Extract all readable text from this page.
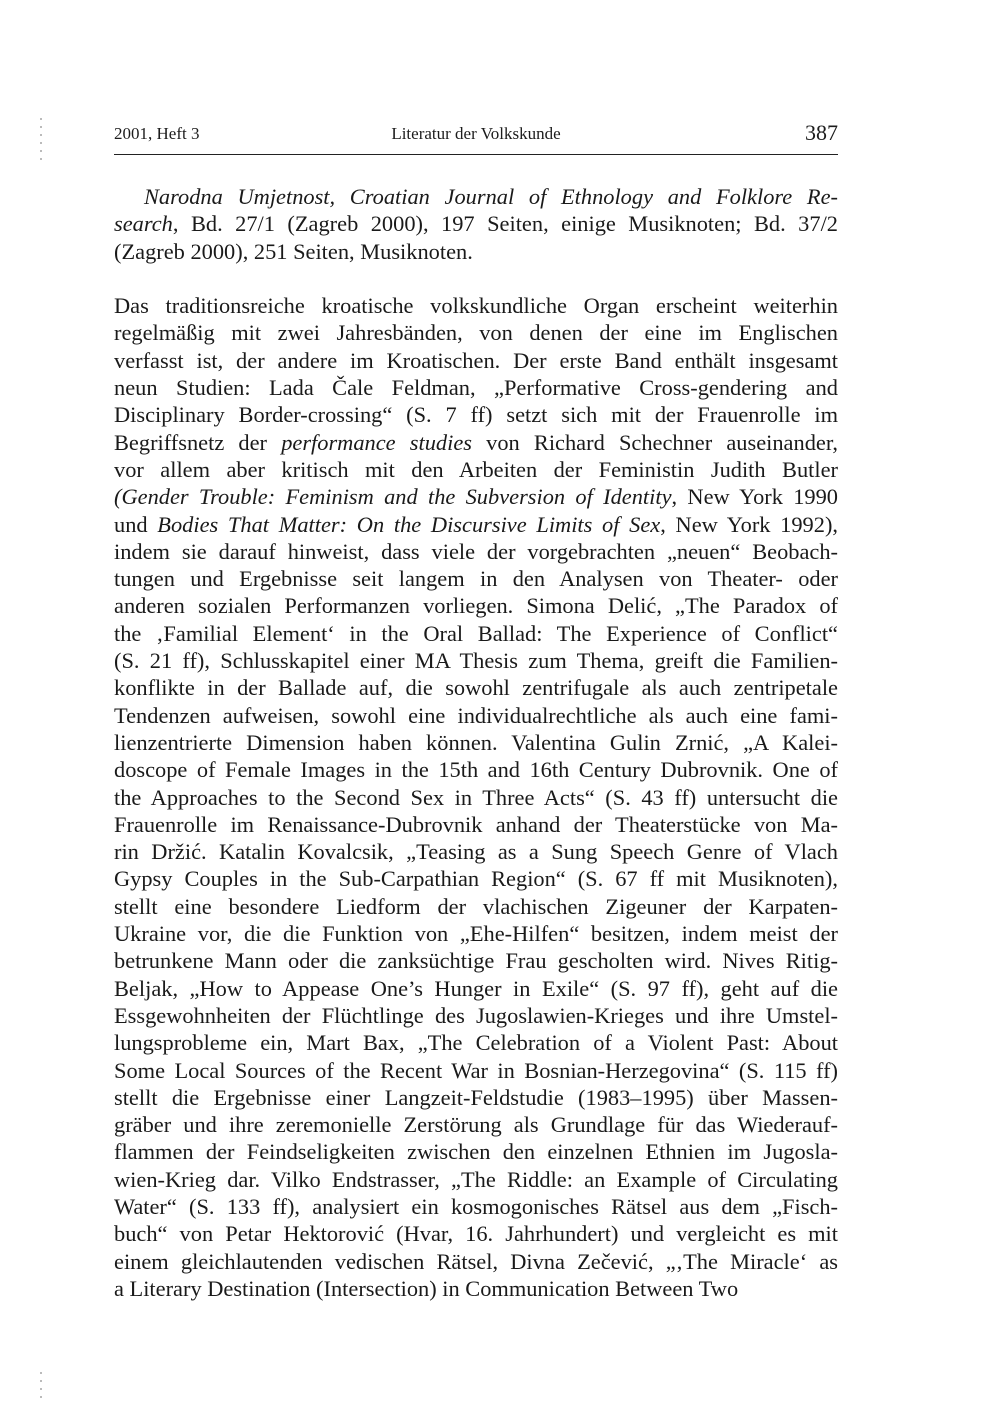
2001, Heft 3	Literatur der Volkskunde	387
Narodna Umjetnost, Croatian Journal of Ethnology and Folklore Re-
search, Bd. 27/1 (Zagreb 2000), 197 Seiten, einige Musiknoten; Bd. 37/2
(Zagreb 2000), 251 Seiten, Musiknoten.
Das traditionsreiche kroatische volkskundliche Organ erscheint weiterhin
regelmäßig mit zwei Jahresbänden, von denen der eine im Englischen
verfasst ist, der andere im Kroatischen. Der erste Band enthält insgesamt
neun Studien: Lada Čale Feldman, „Performative Cross-gendering and
Disciplinary Border-crossing“ (S. 7 ff) setzt sich mit der Frauenrolle im
Begriffsnetz der performance studies von Richard Schechner auseinander,
vor allem aber kritisch mit den Arbeiten der Feministin Judith Butler
(Gender Trouble: Feminism and the Subversion of Identity, New York 1990
und Bodies That Matter: On the Discursive Limits of Sex, New York 1992),
indem sie darauf hinweist, dass viele der vorgebrachten „neuen“ Beobach-
tungen und Ergebnisse seit langem in den Analysen von Theater- oder
anderen sozialen Performanzen vorliegen. Simona Delić, „The Paradox of
the ‚Familial Element‘ in the Oral Ballad: The Experience of Conflict“
(S. 21 ff), Schlusskapitel einer MA Thesis zum Thema, greift die Familien-
konflikte in der Ballade auf, die sowohl zentrifugale als auch zentripetale
Tendenzen aufweisen, sowohl eine individualrechtliche als auch eine fami-
lienzentrierte Dimension haben können. Valentina Gulin Zrnić, „A Kalei-
doscope of Female Images in the 15th and 16th Century Dubrovnik. One of
the Approaches to the Second Sex in Three Acts“ (S. 43 ff) untersucht die
Frauenrolle im Renaissance-Dubrovnik anhand der Theaterstücke von Ma-
rin Držić. Katalin Kovalcsik, „Teasing as a Sung Speech Genre of Vlach
Gypsy Couples in the Sub-Carpathian Region“ (S. 67 ff mit Musiknoten),
stellt eine besondere Liedform der vlachischen Zigeuner der Karpaten-
Ukraine vor, die die Funktion von „Ehe-Hilfen“ besitzen, indem meist der
betrunkene Mann oder die zanksüchtige Frau gescholten wird. Nives Ritig-
Beljak, „How to Appease One’s Hunger in Exile“ (S. 97 ff), geht auf die
Essgewohnheiten der Flüchtlinge des Jugoslawien-Krieges und ihre Umstel-
lungsprobleme ein, Mart Bax, „The Celebration of a Violent Past: About
Some Local Sources of the Recent War in Bosnian-Herzegovina“ (S. 115 ff)
stellt die Ergebnisse einer Langzeit-Feldstudie (1983–1995) über Massen-
gräber und ihre zeremonielle Zerstörung als Grundlage für das Wiederauf-
flammen der Feindseligkeiten zwischen den einzelnen Ethnien im Jugosla-
wien-Krieg dar. Vilko Endstrasser, „The Riddle: an Example of Circulating
Water“ (S. 133 ff), analysiert ein kosmogonisches Rätsel aus dem „Fisch-
buch“ von Petar Hektorović (Hvar, 16. Jahrhundert) und vergleicht es mit
einem gleichlautenden vedischen Rätsel, Divna Zečević, „‚The Miracle‘ as
a Literary Destination (Intersection) in Communication Between Two
